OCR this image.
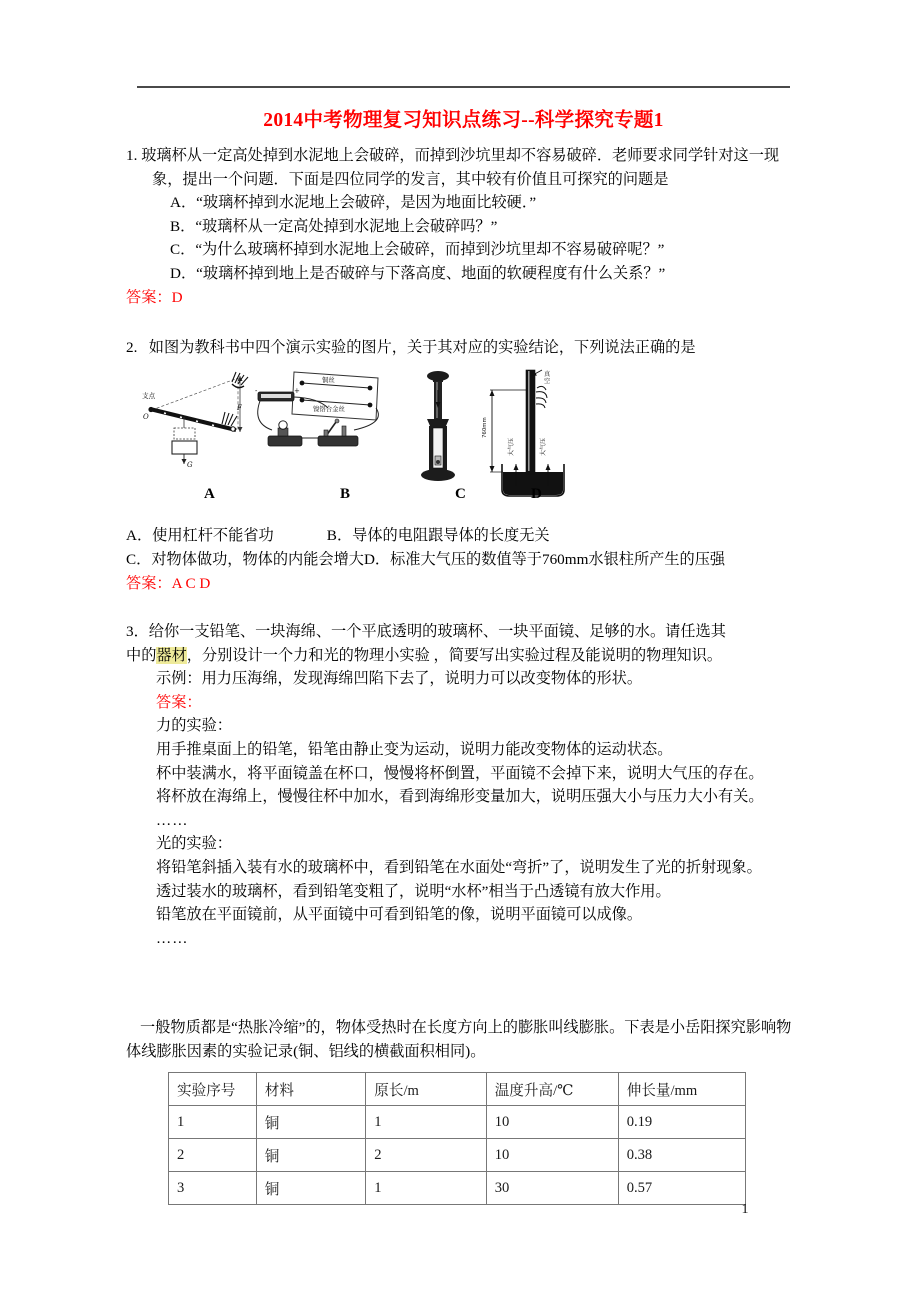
2014中考物理复习知识点练习--科学探究专题1
1. 玻璃杯从一定高处掉到水泥地上会破碎，而掉到沙坑里却不容易破碎．老师要求同学针对这一现象，提出一个问题．下面是四位同学的发言，其中较有价值且可探究的问题是
A．“玻璃杯掉到水泥地上会破碎，是因为地面比较硬．”
B．“玻璃杯从一定高处掉到水泥地上会破碎吗？”
C．“为什么玻璃杯掉到水泥地上会破碎，而掉到沙坑里却不容易破碎呢？”
D．“玻璃杯掉到地上是否破碎与下落高度、地面的软硬程度有什么关系？”
答案：D
2. 如图为教科书中四个演示实验的图片，关于其对应的实验结论，下列说法正确的是
F
G
支点
O
铜丝
镍铬合金丝
-	+
真
空
760mm
大气压	大气压
A	B	C	D
A．使用杠杆不能省功              B．导体的电阻跟导体的长度无关
C．对物体做功，物体的内能会增大D．标准大气压的数值等于760mm水银柱所产生的压强
答案：A C D
3．给你一支铅笔、一块海绵、一个平底透明的玻璃杯、一块平面镜、足够的水。请任选其
中的器材，分别设计一个力和光的物理小实验 ，简要写出实验过程及能说明的物理知识。
示例：用力压海绵，发现海绵凹陷下去了，说明力可以改变物体的形状。
答案：
力的实验：
用手推桌面上的铅笔，铅笔由静止变为运动，说明力能改变物体的运动状态。
杯中装满水，将平面镜盖在杯口，慢慢将杯倒置，平面镜不会掉下来，说明大气压的存在。
将杯放在海绵上，慢慢往杯中加水，看到海绵形变量加大，说明压强大小与压力大小有关。
……
光的实验：
将铅笔斜插入装有水的玻璃杯中，看到铅笔在水面处“弯折”了，说明发生了光的折射现象。
透过装水的玻璃杯，看到铅笔变粗了，说明“水杯”相当于凸透镜有放大作用。
铅笔放在平面镜前，从平面镜中可看到铅笔的像，说明平面镜可以成像。
……
一般物质都是“热胀冷缩”的，物体受热时在长度方向上的膨胀叫线膨胀。下表是小岳阳探究影响物体线膨胀因素的实验记录(铜、铝线的横截面积相同)。
实验序号	材料	原长/m	温度升高/℃	伸长量/mm
1	铜	1	10	0.19
2	铜	2	10	0.38
3	铜	1	30	0.57
1
